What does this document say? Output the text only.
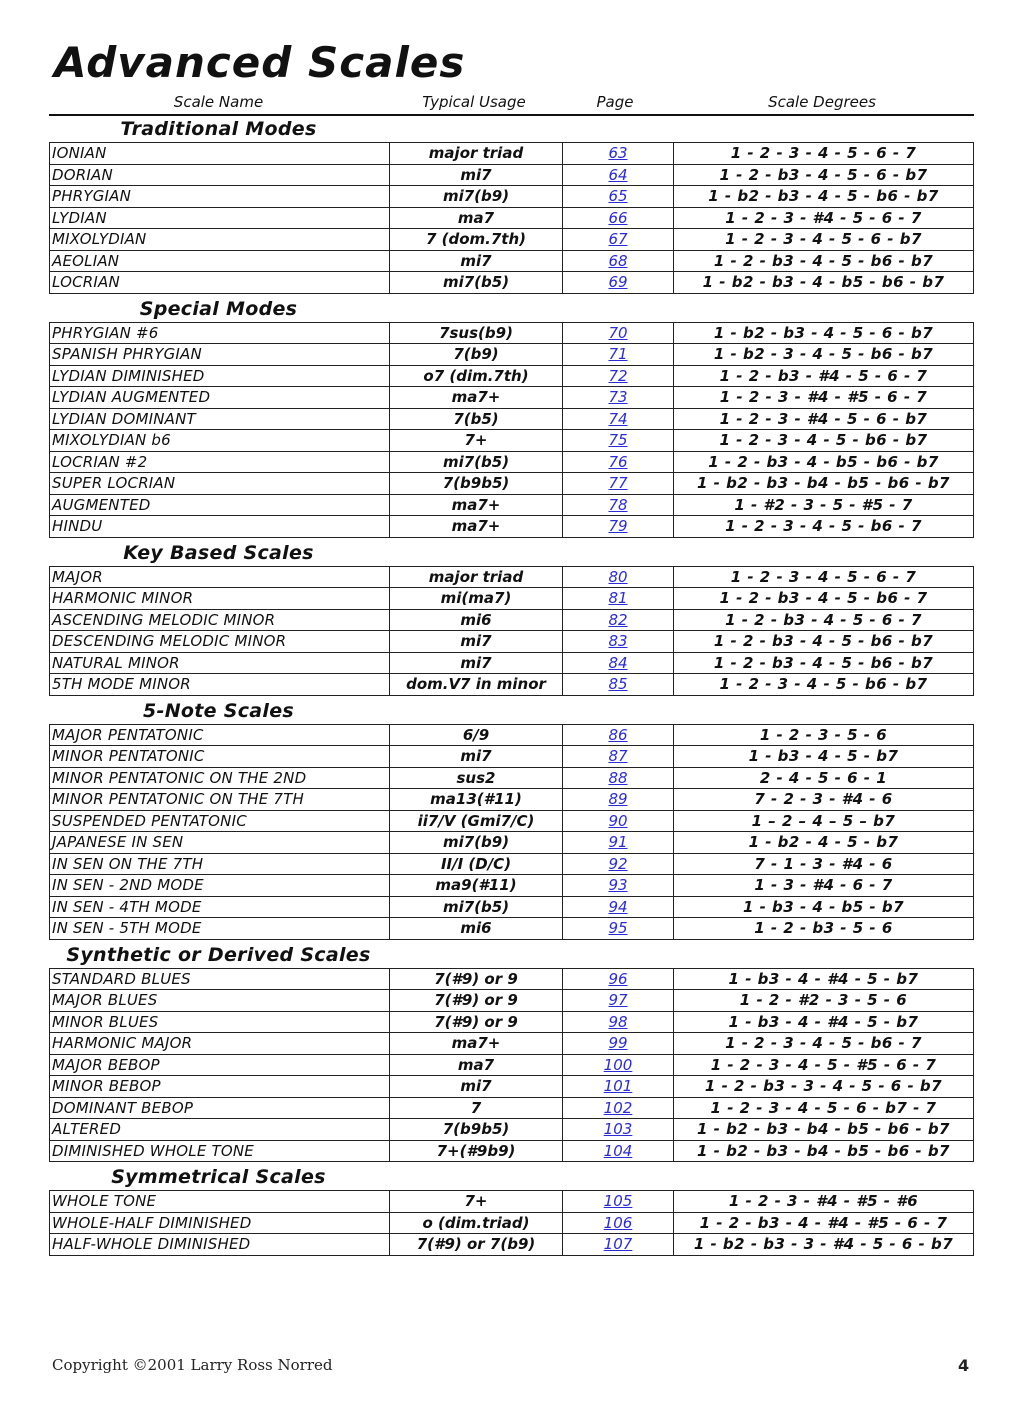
Advanced Scales
Scale Name	Typical Usage	Page	Scale Degrees
Traditional Modes
IONIAN	major triad	63	1 - 2 - 3 - 4 - 5 - 6 - 7
DORIAN	mi7	64	1 - 2 - b3 - 4 - 5 - 6 - b7
PHRYGIAN	mi7(b9)	65	1 - b2 - b3 - 4 - 5 - b6 - b7
LYDIAN	ma7	66	1 - 2 - 3 - #4 - 5 - 6 - 7
MIXOLYDIAN	7 (dom.7th)	67	1 - 2 - 3 - 4 - 5 - 6 - b7
AEOLIAN	mi7	68	1 - 2 - b3 - 4 - 5 - b6 - b7
LOCRIAN	mi7(b5)	69	1 - b2 - b3 - 4 - b5 - b6 - b7
Special Modes
PHRYGIAN #6	7sus(b9)	70	1 - b2 - b3 - 4 - 5 - 6 - b7
SPANISH PHRYGIAN	7(b9)	71	1 - b2 - 3 - 4 - 5 - b6 - b7
LYDIAN DIMINISHED	o7 (dim.7th)	72	1 - 2 - b3 - #4 - 5 - 6 - 7
LYDIAN AUGMENTED	ma7+	73	1 - 2 - 3 - #4 - #5 - 6 - 7
LYDIAN DOMINANT	7(b5)	74	1 - 2 - 3 - #4 - 5 - 6 - b7
MIXOLYDIAN b6	7+	75	1 - 2 - 3 - 4 - 5 - b6 - b7
LOCRIAN #2	mi7(b5)	76	1 - 2 - b3 - 4 - b5 - b6 - b7
SUPER LOCRIAN	7(b9b5)	77	1 - b2 - b3 - b4 - b5 - b6 - b7
AUGMENTED	ma7+	78	1 - #2 - 3 - 5 - #5 - 7
HINDU	ma7+	79	1 - 2 - 3 - 4 - 5 - b6 - 7
Key Based Scales
MAJOR	major triad	80	1 - 2 - 3 - 4 - 5 - 6 - 7
HARMONIC MINOR	mi(ma7)	81	1 - 2 - b3 - 4 - 5 - b6 - 7
ASCENDING MELODIC MINOR	mi6	82	1 - 2 - b3 - 4 - 5 - 6 - 7
DESCENDING MELODIC MINOR	mi7	83	1 - 2 - b3 - 4 - 5 - b6 - b7
NATURAL MINOR	mi7	84	1 - 2 - b3 - 4 - 5 - b6 - b7
5TH MODE MINOR	dom.V7 in minor	85	1 - 2 - 3 - 4 - 5 - b6 - b7
5-Note Scales
MAJOR PENTATONIC	6/9	86	1 - 2 - 3 - 5 - 6
MINOR PENTATONIC	mi7	87	1 - b3 - 4 - 5 - b7
MINOR PENTATONIC ON THE 2ND	sus2	88	2 - 4 - 5 - 6 - 1
MINOR PENTATONIC ON THE 7TH	ma13(#11)	89	7 - 2 - 3 - #4 - 6
SUSPENDED PENTATONIC	ii7/V (Gmi7/C)	90	1 – 2 – 4 – 5 – b7
JAPANESE IN SEN	mi7(b9)	91	1 - b2 - 4 - 5 - b7
IN SEN ON THE 7TH	II/I (D/C)	92	7 - 1 - 3 - #4 - 6
IN SEN - 2ND MODE	ma9(#11)	93	1 - 3 - #4 - 6 - 7
IN SEN - 4TH MODE	mi7(b5)	94	1 - b3 - 4 - b5 - b7
IN SEN - 5TH MODE	mi6	95	1 - 2 - b3 - 5 - 6
Synthetic or Derived Scales
STANDARD BLUES	7(#9) or 9	96	1 - b3 - 4 - #4 - 5 - b7
MAJOR BLUES	7(#9) or 9	97	1 - 2 - #2 - 3 - 5 - 6
MINOR BLUES	7(#9) or 9	98	1 - b3 - 4 - #4 - 5 - b7
HARMONIC MAJOR	ma7+	99	1 - 2 - 3 - 4 - 5 - b6 - 7
MAJOR BEBOP	ma7	100	1 - 2 - 3 - 4 - 5 - #5 - 6 - 7
MINOR BEBOP	mi7	101	1 - 2 - b3 - 3 - 4 - 5 - 6 - b7
DOMINANT BEBOP	7	102	1 - 2 - 3 - 4 - 5 - 6 - b7 - 7
ALTERED	7(b9b5)	103	1 - b2 - b3 - b4 - b5 - b6 - b7
DIMINISHED WHOLE TONE	7+(#9b9)	104	1 - b2 - b3 - b4 - b5 - b6 - b7
Symmetrical Scales
WHOLE TONE	7+	105	1 - 2 - 3 - #4 - #5 - #6
WHOLE-HALF DIMINISHED	o (dim.triad)	106	1 - 2 - b3 - 4 - #4 - #5 - 6 - 7
HALF-WHOLE DIMINISHED	7(#9) or 7(b9)	107	1 - b2 - b3 - 3 - #4 - 5 - 6 - b7
Copyright ©2001 Larry Ross Norred	4
